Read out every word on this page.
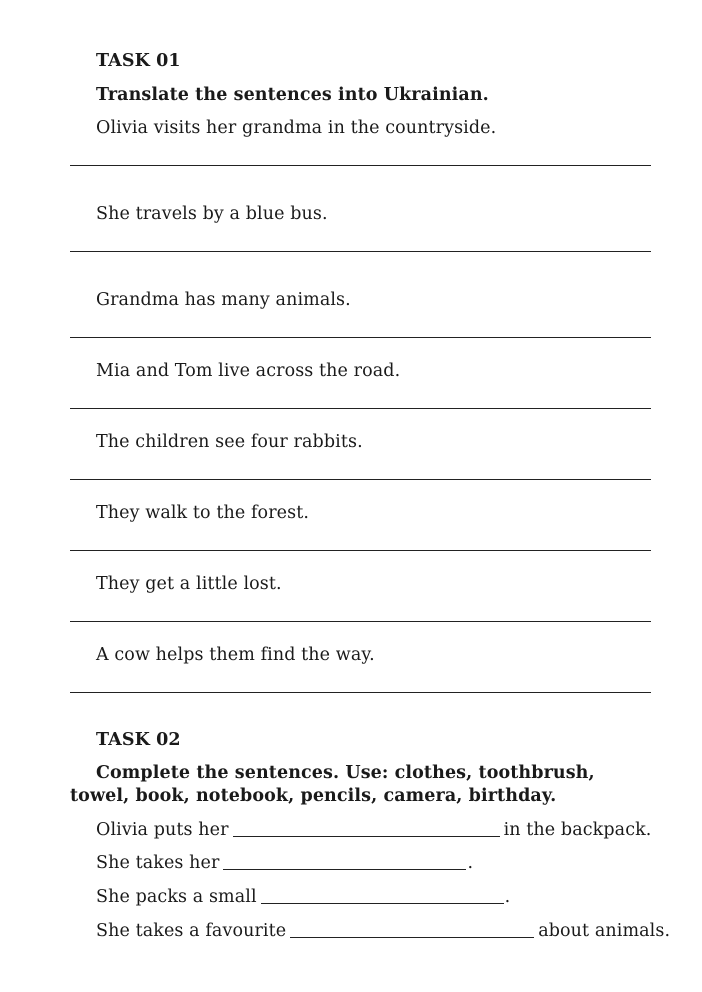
TASK 01
Translate the sentences into Ukrainian.
Olivia visits her grandma in the countryside.
She travels by a blue bus.
Grandma has many animals.
Mia and Tom live across the road.
The children see four rabbits.
They walk to the forest.
They get a little lost.
A cow helps them find the way.
TASK 02
Complete the sentences. Use: clothes, toothbrush, towel, book, notebook, pencils, camera, birthday.
Olivia puts her	in the backpack.
She takes her	.
She packs a small	.
She takes a favourite	about animals.
